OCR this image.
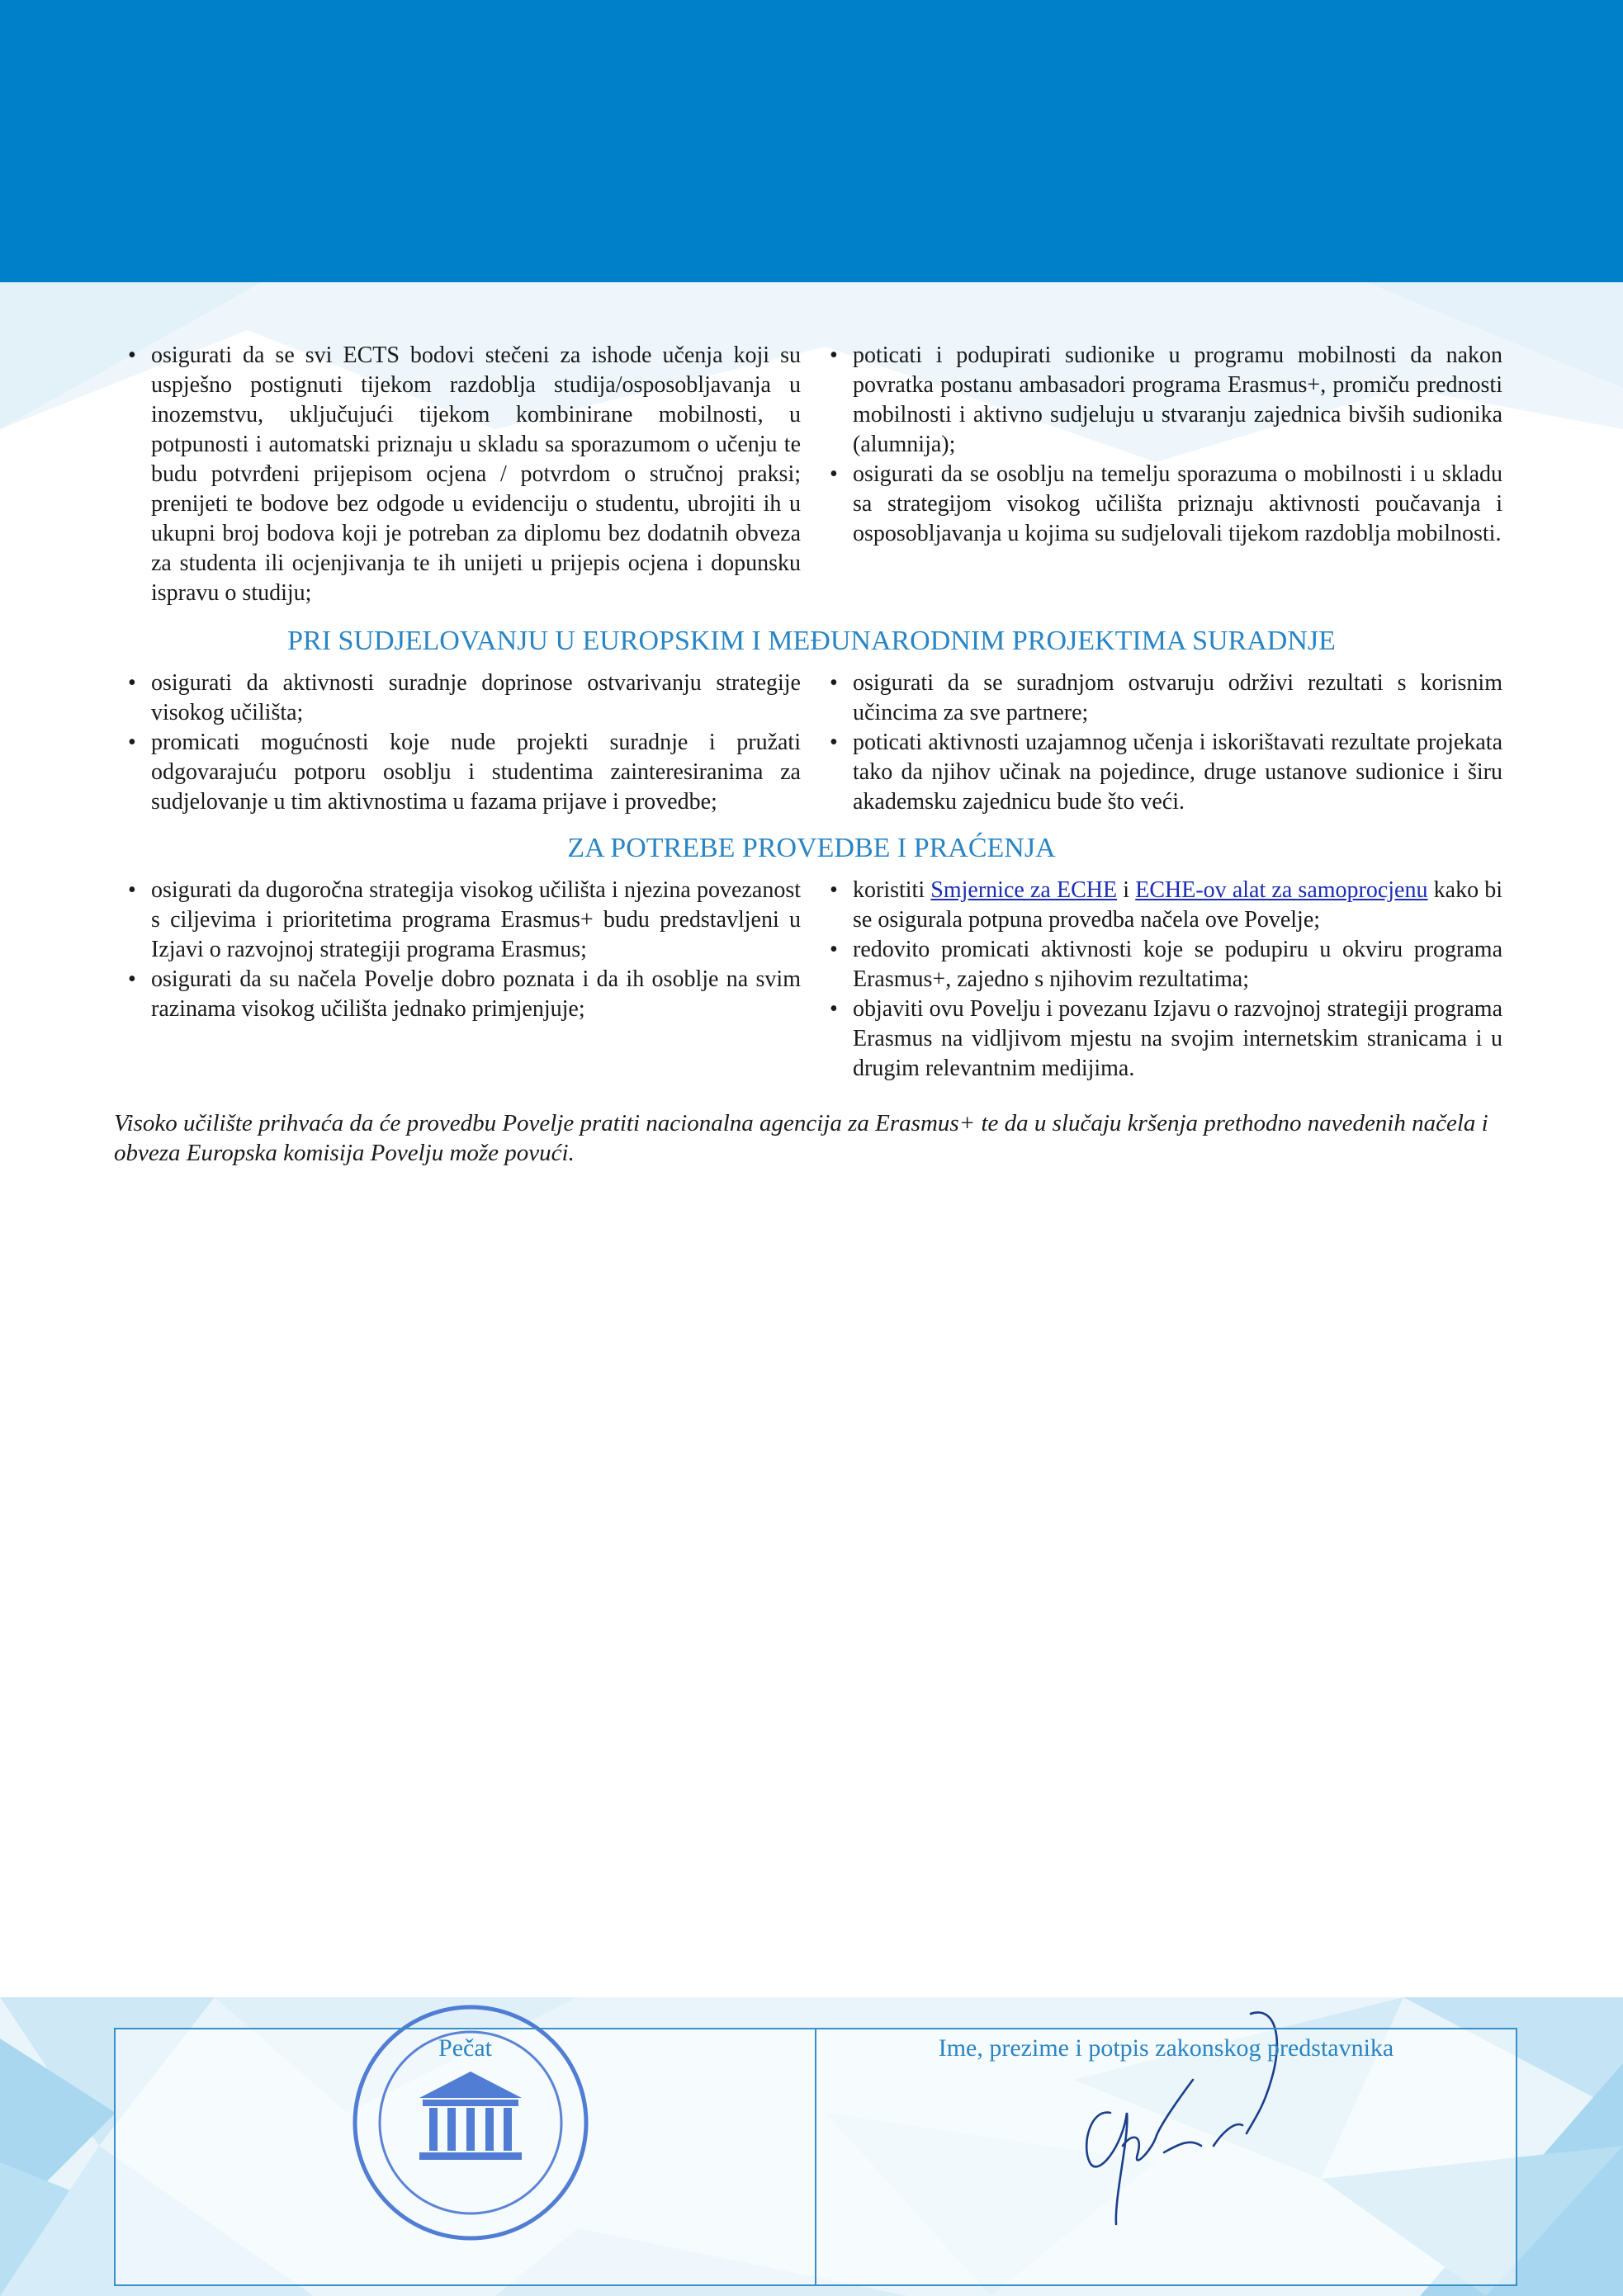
• osigurati da se svi ECTS bodovi stečeni za ishode učenja koji su uspješno postignuti tijekom razdoblja studija/osposobljavanja u inozemstvu, uključujući tijekom kombinirane mobilnosti, u potpunosti i automatski priznaju u skladu sa sporazumom o učenju te budu potvrđeni prijepisom ocjena / potvrdom o stručnoj praksi; prenijeti te bodove bez odgode u evidenciju o studentu, ubrojiti ih u ukupni broj bodova koji je potreban za diplomu bez dodatnih obveza za studenta ili ocjenjivanja te ih unijeti u prijepis ocjena i dopunsku ispravu o studiju;
• poticati i podupirati sudionike u programu mobilnosti da nakon povratka postanu ambasadori programa Erasmus+, promiču prednosti mobilnosti i aktivno sudjeluju u stvaranju zajednica bivših sudionika (alumnija);
• osigurati da se osoblju na temelju sporazuma o mobilnosti i u skladu sa strategijom visokog učilišta priznaju aktivnosti poučavanja i osposobljavanja u kojima su sudjelovali tijekom razdoblja mobilnosti.
PRI SUDJELOVANJU U EUROPSKIM I MEĐUNARODNIM PROJEKTIMA SURADNJE
• osigurati da aktivnosti suradnje doprinose ostvarivanju strategije visokog učilišta;
• promicati mogućnosti koje nude projekti suradnje i pružati odgovarajuću potporu osoblju i studentima zainteresiranima za sudjelovanje u tim aktivnostima u fazama prijave i provedbe;
• osigurati da se suradnjom ostvaruju održivi rezultati s korisnim učincima za sve partnere;
• poticati aktivnosti uzajamnog učenja i iskorištavati rezultate projekata tako da njihov učinak na pojedince, druge ustanove sudionice i širu akademsku zajednicu bude što veći.
ZA POTREBE PROVEDBE I PRAĆENJA
• osigurati da dugoročna strategija visokog učilišta i njezina povezanost s ciljevima i prioritetima programa Erasmus+ budu predstavljeni u Izjavi o razvojnoj strategiji programa Erasmus;
• osigurati da su načela Povelje dobro poznata i da ih osoblje na svim razinama visokog učilišta jednako primjenjuje;
• koristiti Smjernice za ECHE i ECHE-ov alat za samoprocjenu kako bi se osigurala potpuna provedba načela ove Povelje;
• redovito promicati aktivnosti koje se podupiru u okviru programa Erasmus+, zajedno s njihovim rezultatima;
• objaviti ovu Povelju i povezanu Izjavu o razvojnoj strategiji programa Erasmus na vidljivom mjestu na svojim internetskim stranicama i u drugim relevantnim medijima.
Visoko učilište prihvaća da će provedbu Povelje pratiti nacionalna agencija za Erasmus+ te da u slučaju kršenja prethodno navedenih načela i obveza Europska komisija Povelju može povući.
Pečat	Ime, prezime i potpis zakonskog predstavnika
